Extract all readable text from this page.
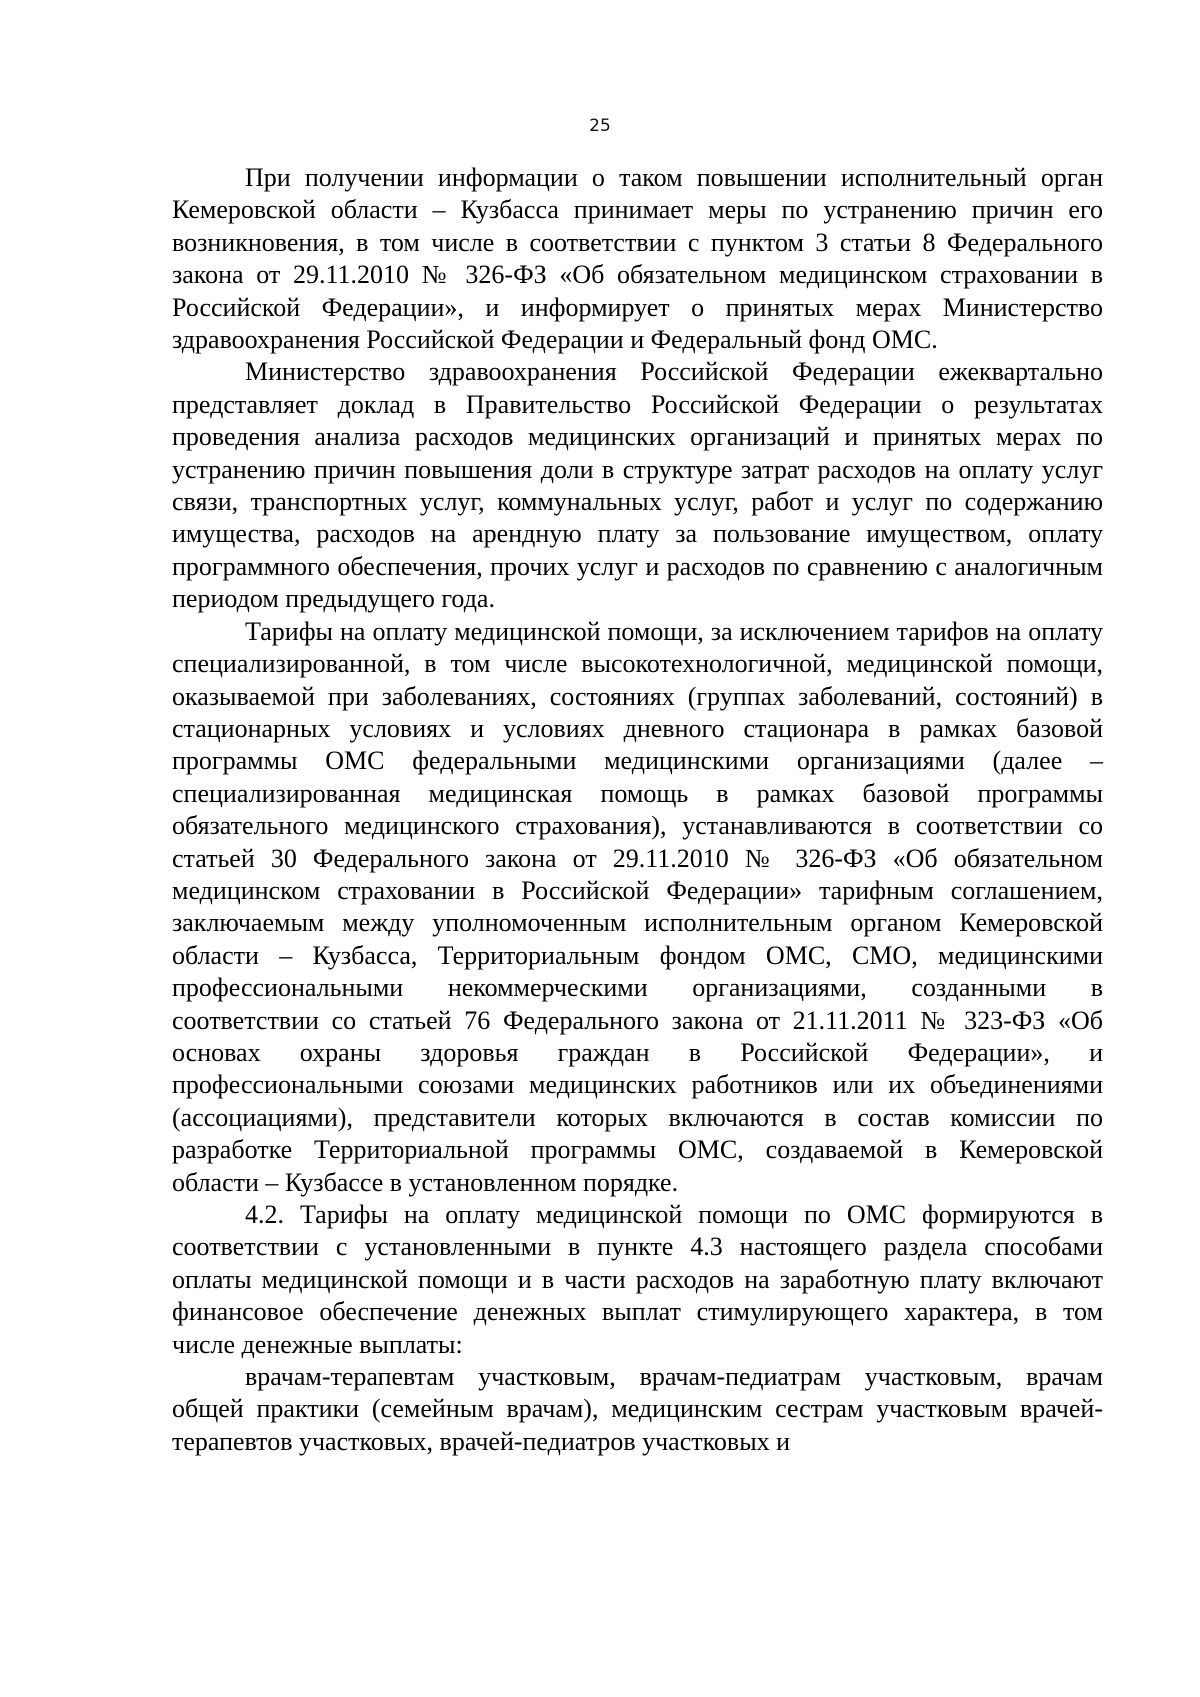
25

При получении информации о таком повышении исполнительный орган Кемеровской области – Кузбасса принимает меры по устранению причин его возникновения, в том числе в соответствии с пунктом 3 статьи 8 Федерального закона от 29.11.2010 № 326-ФЗ «Об обязательном медицинском страховании в Российской Федерации», и информирует о принятых мерах Министерство здравоохранения Российской Федерации и Федеральный фонд ОМС.

Министерство здравоохранения Российской Федерации ежеквартально представляет доклад в Правительство Российской Федерации о результатах проведения анализа расходов медицинских организаций и принятых мерах по устранению причин повышения доли в структуре затрат расходов на оплату услуг связи, транспортных услуг, коммунальных услуг, работ и услуг по содержанию имущества, расходов на арендную плату за пользование имуществом, оплату программного обеспечения, прочих услуг и расходов по сравнению с аналогичным периодом предыдущего года.

Тарифы на оплату медицинской помощи, за исключением тарифов на оплату специализированной, в том числе высокотехнологичной, медицинской помощи, оказываемой при заболеваниях, состояниях (группах заболеваний, состояний) в стационарных условиях и условиях дневного стационара в рамках базовой программы ОМС федеральными медицинскими организациями (далее – специализированная медицинская помощь в рамках базовой программы обязательного медицинского страхования), устанавливаются в соответствии со статьей 30 Федерального закона от 29.11.2010 № 326-ФЗ «Об обязательном медицинском страховании в Российской Федерации» тарифным соглашением, заключаемым между уполномоченным исполнительным органом Кемеровской области – Кузбасса, Территориальным фондом ОМС, СМО, медицинскими профессиональными некоммерческими организациями, созданными в соответствии со статьей 76 Федерального закона от 21.11.2011 № 323-ФЗ «Об основах охраны здоровья граждан в Российской Федерации», и профессиональными союзами медицинских работников или их объединениями (ассоциациями), представители которых включаются в состав комиссии по разработке Территориальной программы ОМС, создаваемой в Кемеровской области – Кузбассе в установленном порядке.

4.2. Тарифы на оплату медицинской помощи по ОМС формируются в соответствии с установленными в пункте 4.3 настоящего раздела способами оплаты медицинской помощи и в части расходов на заработную плату включают финансовое обеспечение денежных выплат стимулирующего характера, в том числе денежные выплаты:

врачам-терапевтам участковым, врачам-педиатрам участковым, врачам общей практики (семейным врачам), медицинским сестрам участковым врачей-терапевтов участковых, врачей-педиатров участковых и
